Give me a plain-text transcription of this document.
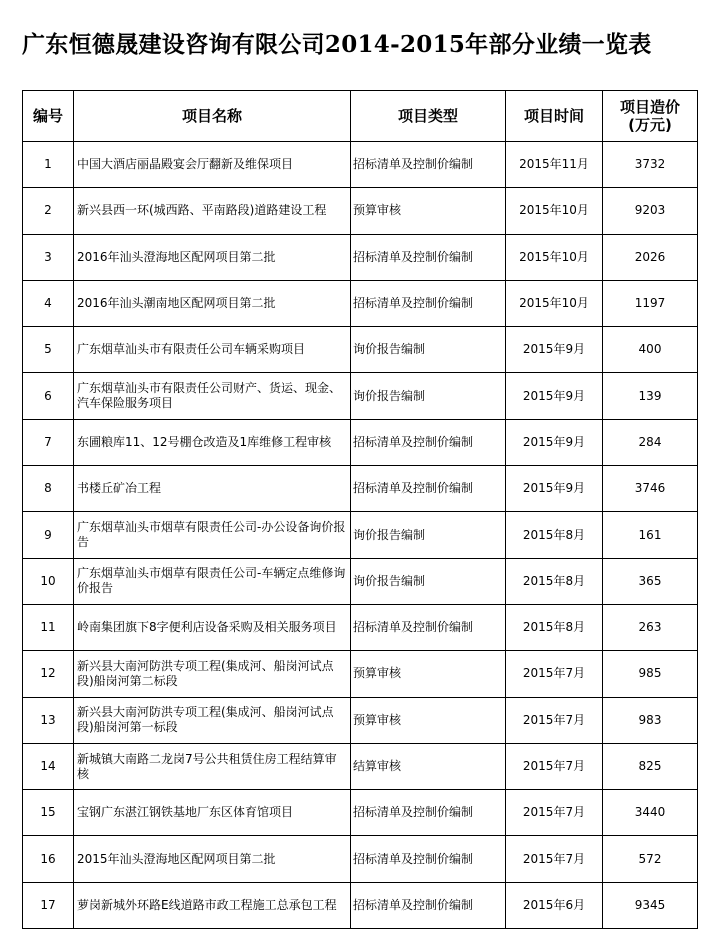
广东恒德晟建设咨询有限公司2014-2015年部分业绩一览表
编号	项目名称	项目类型	项目时间	项目造价
(万元)

1	中国大酒店丽晶殿宴会厅翻新及维保项目	招标清单及控制价编制	2015年11月	3732
2	新兴县西一环(城西路、平南路段)道路建设工程	预算审核	2015年10月	9203
3	2016年汕头澄海地区配网项目第二批	招标清单及控制价编制	2015年10月	2026
4	2016年汕头潮南地区配网项目第二批	招标清单及控制价编制	2015年10月	1197
5	广东烟草汕头市有限责任公司车辆采购项目	询价报告编制	2015年9月	400
6	广东烟草汕头市有限责任公司财产、货运、现金、汽车保险服务项目	询价报告编制	2015年9月	139
7	东圃粮库11、12号棚仓改造及1库维修工程审核	招标清单及控制价编制	2015年9月	284
8	书楼丘矿冶工程	招标清单及控制价编制	2015年9月	3746
9	广东烟草汕头市烟草有限责任公司-办公设备询价报告	询价报告编制	2015年8月	161
10	广东烟草汕头市烟草有限责任公司-车辆定点维修询价报告	询价报告编制	2015年8月	365
11	岭南集团旗下8字便利店设备采购及相关服务项目	招标清单及控制价编制	2015年8月	263
12	新兴县大南河防洪专项工程(集成河、船岗河试点段)船岗河第二标段	预算审核	2015年7月	985
13	新兴县大南河防洪专项工程(集成河、船岗河试点段)船岗河第一标段	预算审核	2015年7月	983
14	新城镇大南路二龙岗7号公共租赁住房工程结算审核	结算审核	2015年7月	825
15	宝钢广东湛江钢铁基地厂东区体育馆项目	招标清单及控制价编制	2015年7月	3440
16	2015年汕头澄海地区配网项目第二批	招标清单及控制价编制	2015年7月	572
17	萝岗新城外环路E线道路市政工程施工总承包工程	招标清单及控制价编制	2015年6月	9345
